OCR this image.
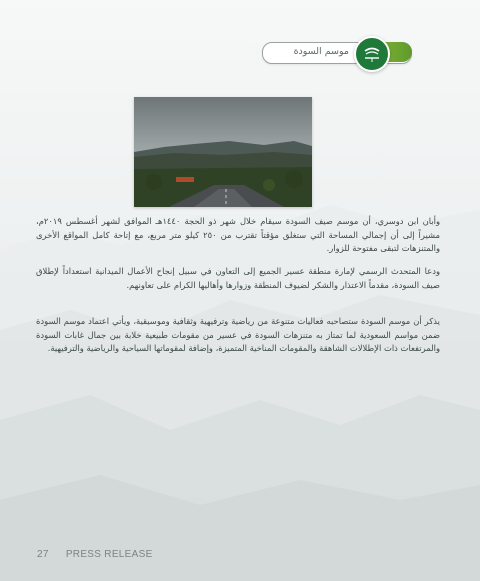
موسم السودة
وأبان ابن دوسري، أن موسم صيف السودة سيقام خلال شهر ذو الحجة ١٤٤٠هـ الموافق لشهر أغسطس ٢٠١٩م، مشيراً إلى أن إجمالي المساحة التي ستغلق مؤقتاً تقترب من ٢٥٠ كيلو متر مربع، مع إتاحة كامل المواقع الأخرى والمتنزهات لتبقى مفتوحة للزوار.
ودعا المتحدث الرسمي لإمارة منطقة عسير الجميع إلى التعاون في سبيل إنجاح الأعمال الميدانية استعداداً لإطلاق صيف السودة، مقدماً الاعتذار والشكر لضيوف المنطقة وزوارها وأهاليها الكرام على تعاونهم.
يذكر أن موسم السودة ستصاحبه فعاليات متنوعة من رياضية وترفيهية وثقافية وموسيقية، ويأتي اعتماد موسم السودة ضمن مواسم السعودية لما تمتاز به متنزهات السودة في عسير من مقومات طبيعية خلابة بين جمال غابات السودة والمرتفعات ذات الإطلالات الشاهقة والمقومات المناخية المتميزة، وإضافة لمقوماتها السياحية والرياضية والترفيهية.
27 PRESS RELEASE
